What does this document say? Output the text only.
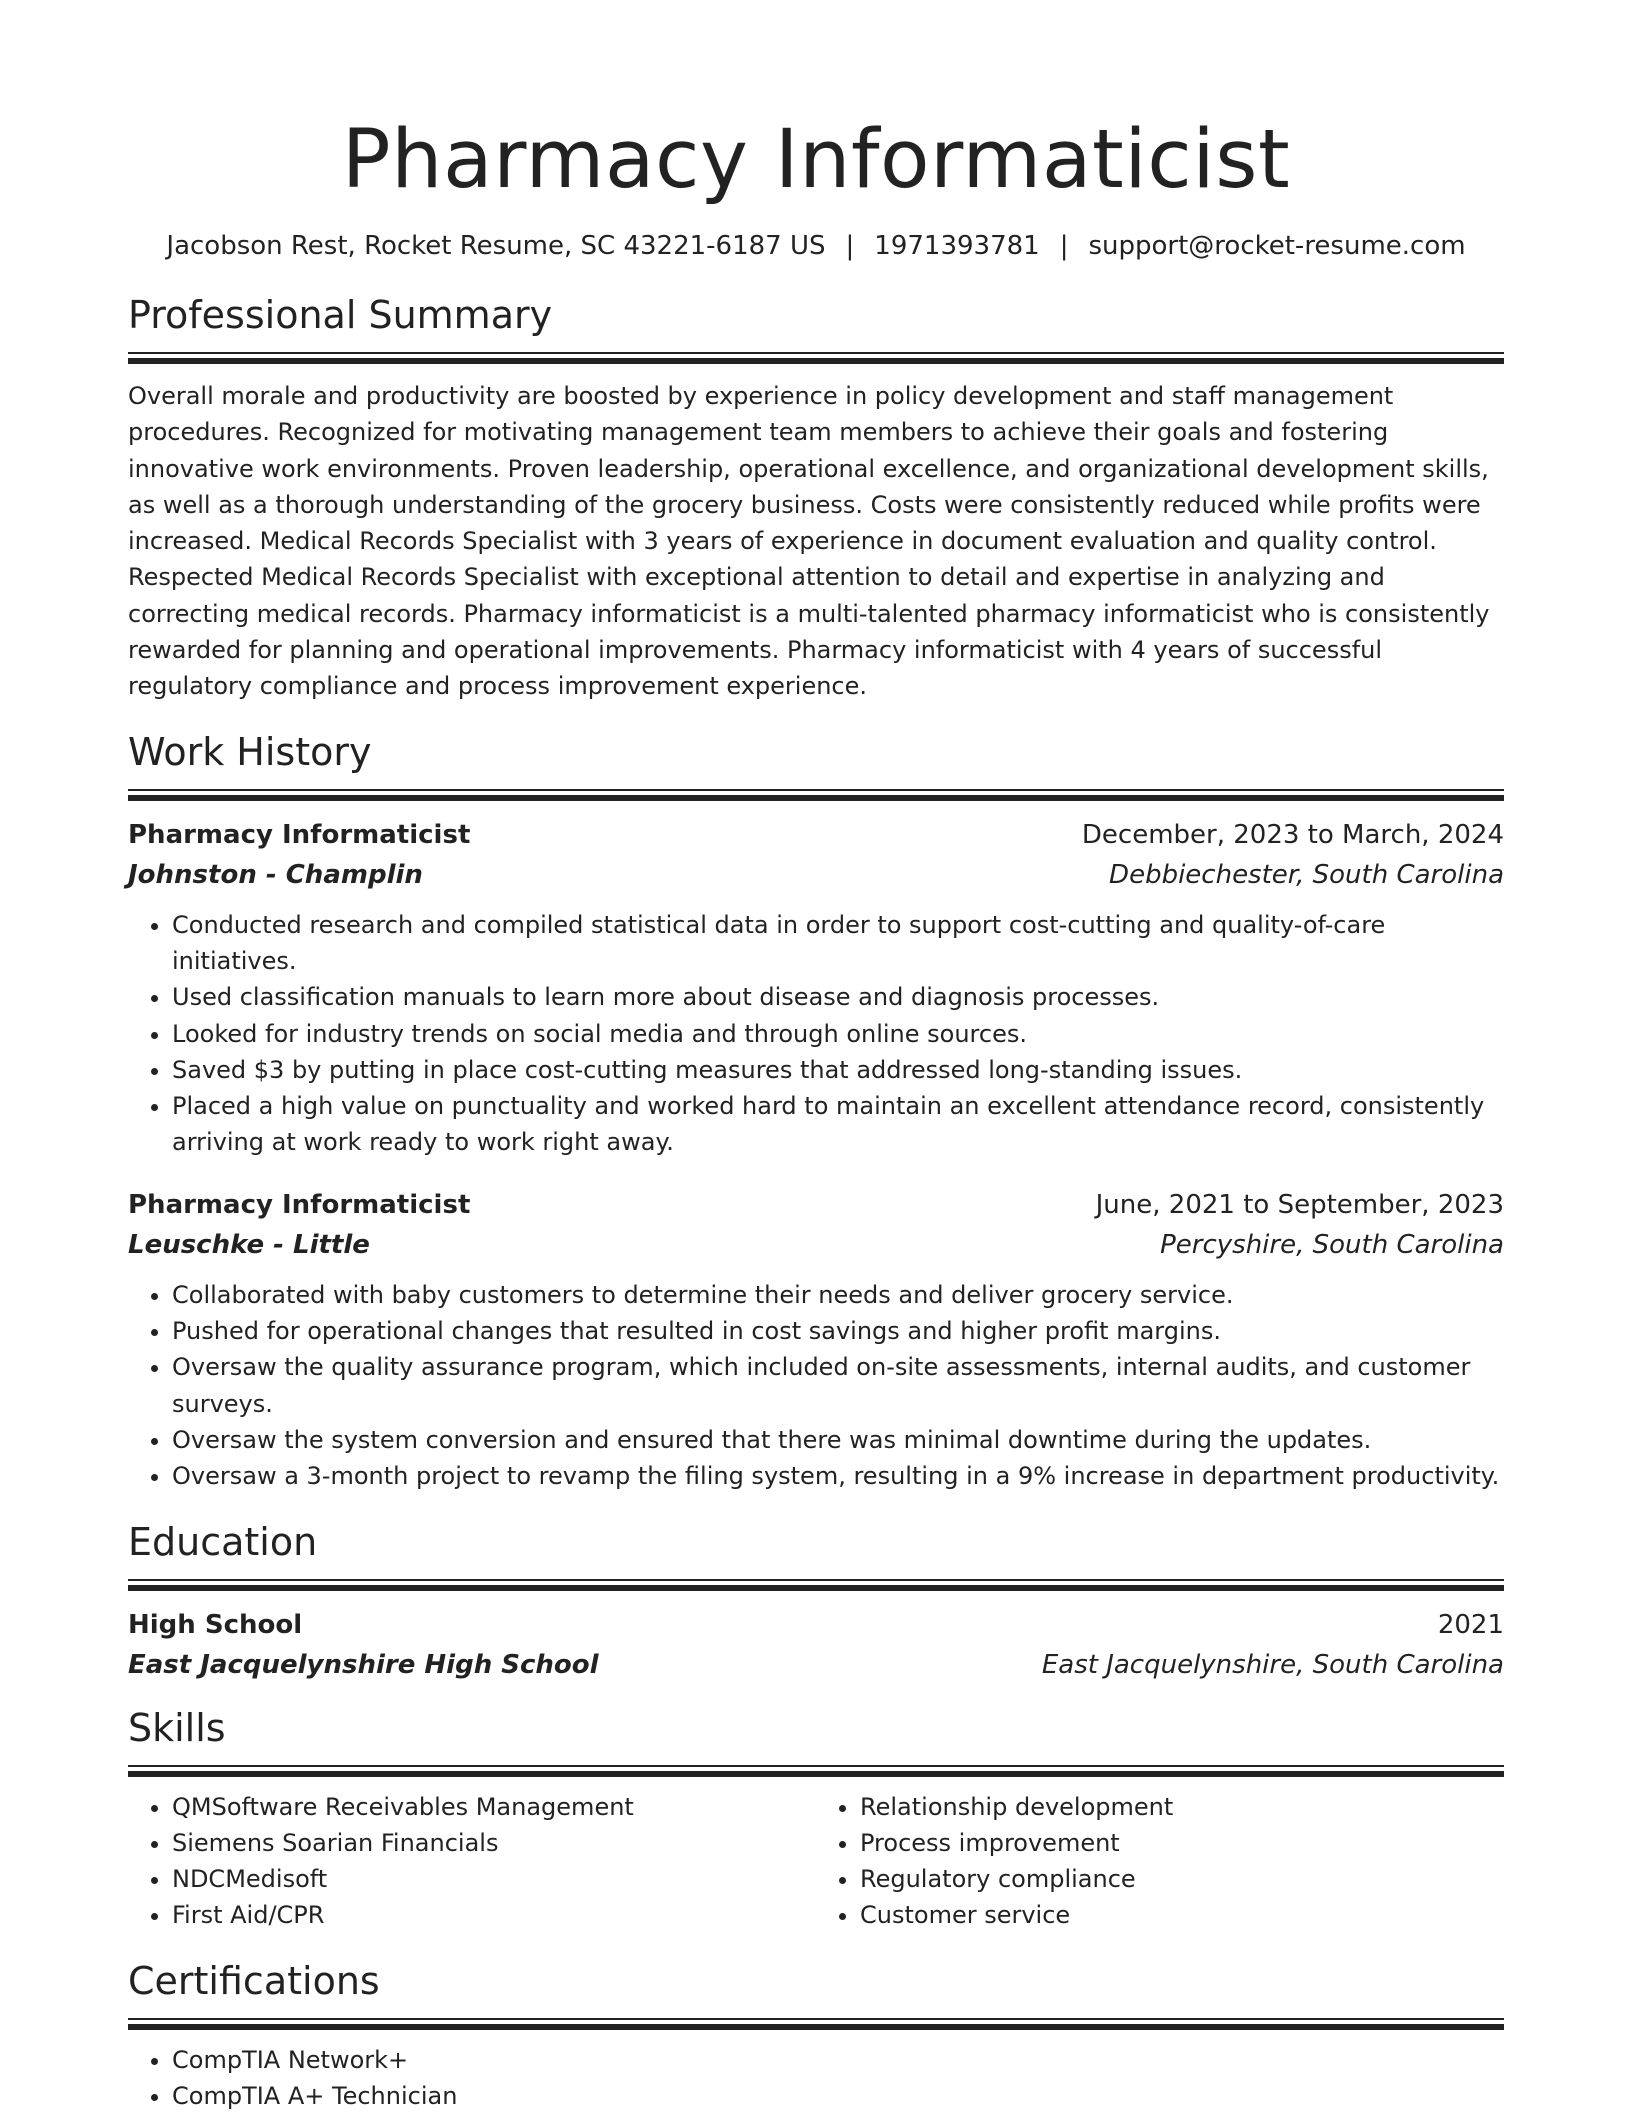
Pharmacy Informaticist
Jacobson Rest, Rocket Resume, SC 43221-6187 US | 1971393781 | support@rocket-resume.com
Professional Summary

Overall morale and productivity are boosted by experience in policy development and staff management procedures. Recognized for motivating management team members to achieve their goals and fostering innovative work environments. Proven leadership, operational excellence, and organizational development skills, as well as a thorough understanding of the grocery business. Costs were consistently reduced while profits were increased. Medical Records Specialist with 3 years of experience in document evaluation and quality control. Respected Medical Records Specialist with exceptional attention to detail and expertise in analyzing and correcting medical records. Pharmacy informaticist is a multi-talented pharmacy informaticist who is consistently rewarded for planning and operational improvements. Pharmacy informaticist with 4 years of successful regulatory compliance and process improvement experience.

Work History
Pharmacy Informaticist	December, 2023 to March, 2024
Johnston - Champlin	Debbiechester, South Carolina
• Conducted research and compiled statistical data in order to support cost-cutting and quality-of-care initiatives.
• Used classification manuals to learn more about disease and diagnosis processes.
• Looked for industry trends on social media and through online sources.
• Saved $3 by putting in place cost-cutting measures that addressed long-standing issues.
• Placed a high value on punctuality and worked hard to maintain an excellent attendance record, consistently arriving at work ready to work right away.
Pharmacy Informaticist	June, 2021 to September, 2023
Leuschke - Little	Percyshire, South Carolina
• Collaborated with baby customers to determine their needs and deliver grocery service.
• Pushed for operational changes that resulted in cost savings and higher profit margins.
• Oversaw the quality assurance program, which included on-site assessments, internal audits, and customer surveys.
• Oversaw the system conversion and ensured that there was minimal downtime during the updates.
• Oversaw a 3-month project to revamp the filing system, resulting in a 9% increase in department productivity.
Education
High School	2021
East Jacquelynshire High School	East Jacquelynshire, South Carolina
Skills
• QMSoftware Receivables Management
• Siemens Soarian Financials
• NDCMedisoft
• First Aid/CPR
• Relationship development
• Process improvement
• Regulatory compliance
• Customer service
Certifications
• CompTIA Network+
• CompTIA A+ Technician
